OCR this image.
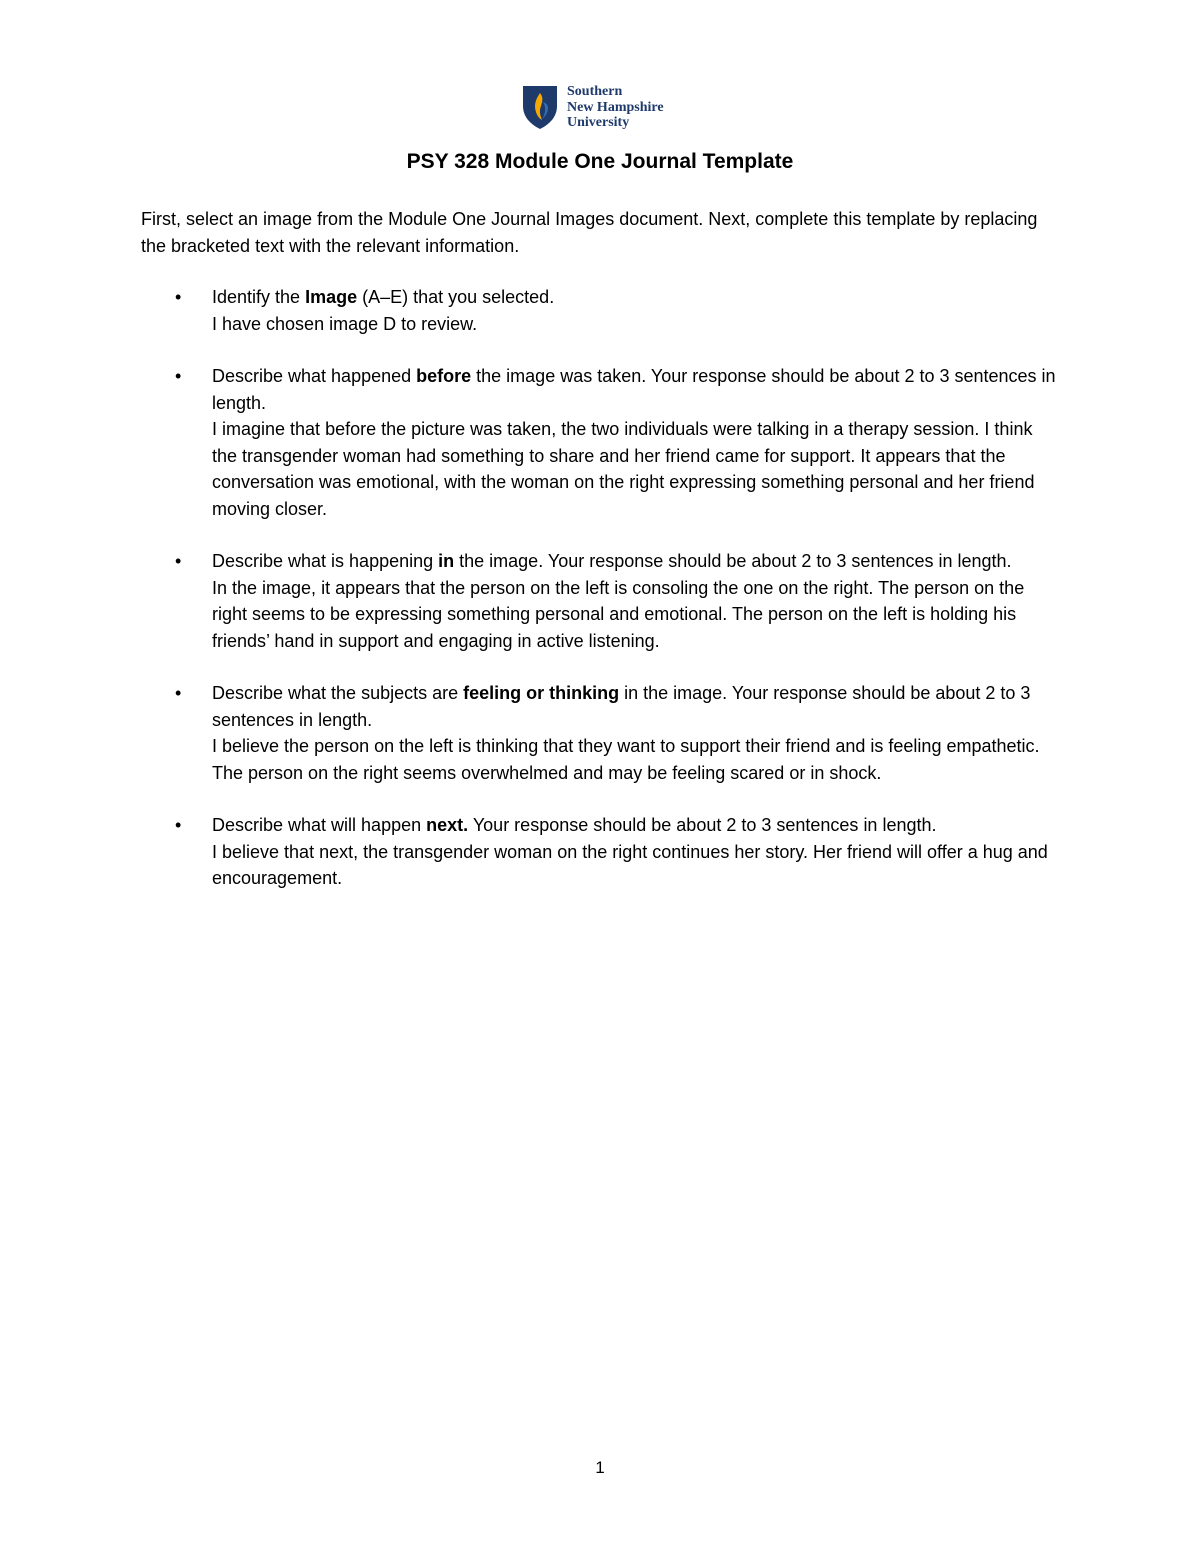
Southern
New Hampshire
University
PSY 328 Module One Journal Template
First, select an image from the Module One Journal Images document. Next, complete this template by replacing the bracketed text with the relevant information.
• Identify the Image (A–E) that you selected.
I have chosen image D to review.
• Describe what happened before the image was taken. Your response should be about 2 to 3 sentences in length.
I imagine that before the picture was taken, the two individuals were talking in a therapy session. I think the transgender woman had something to share and her friend came for support. It appears that the conversation was emotional, with the woman on the right expressing something personal and her friend moving closer.
• Describe what is happening in the image. Your response should be about 2 to 3 sentences in length.
In the image, it appears that the person on the left is consoling the one on the right. The person on the right seems to be expressing something personal and emotional. The person on the left is holding his friends’ hand in support and engaging in active listening.
• Describe what the subjects are feeling or thinking in the image. Your response should be about 2 to 3 sentences in length.
I believe the person on the left is thinking that they want to support their friend and is feeling empathetic. The person on the right seems overwhelmed and may be feeling scared or in shock.
• Describe what will happen next. Your response should be about 2 to 3 sentences in length.
I believe that next, the transgender woman on the right continues her story. Her friend will offer a hug and encouragement.
1
